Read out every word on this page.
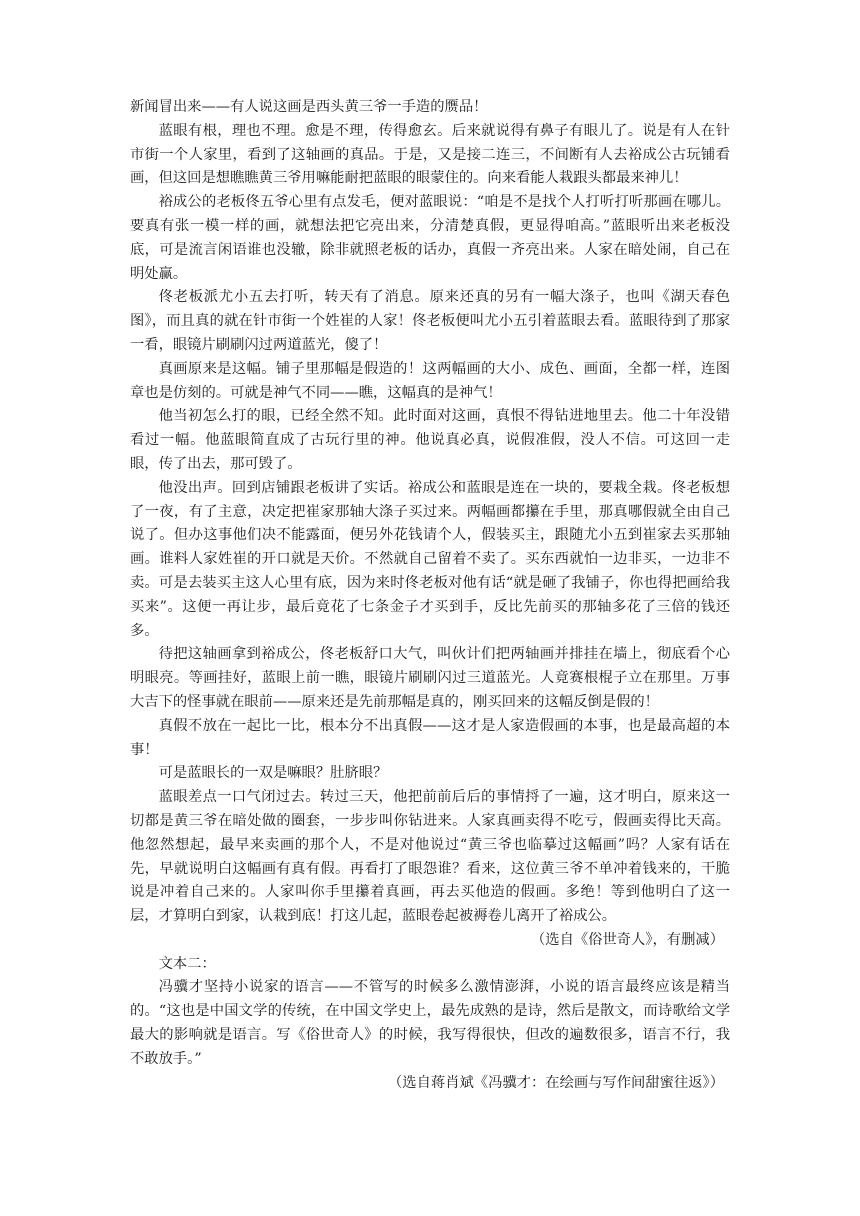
新闻冒出来——有人说这画是西头黄三爷一手造的赝品！

蓝眼有根，理也不理。愈是不理，传得愈玄。后来就说得有鼻子有眼儿了。说是有人在针市街一个人家里，看到了这轴画的真品。于是，又是接二连三，不间断有人去裕成公古玩铺看画，但这回是想瞧瞧黄三爷用嘛能耐把蓝眼的眼蒙住的。向来看能人栽跟头都最来神儿！

裕成公的老板佟五爷心里有点发毛，便对蓝眼说：“咱是不是找个人打听打听那画在哪儿。要真有张一模一样的画，就想法把它亮出来，分清楚真假，更显得咱高。”蓝眼听出来老板没底，可是流言闲语谁也没辙，除非就照老板的话办，真假一齐亮出来。人家在暗处闹，自己在明处赢。

佟老板派尤小五去打听，转天有了消息。原来还真的另有一幅大涤子，也叫《湖天春色图》，而且真的就在针市街一个姓崔的人家！佟老板便叫尤小五引着蓝眼去看。蓝眼待到了那家一看，眼镜片刷刷闪过两道蓝光，傻了！

真画原来是这幅。铺子里那幅是假造的！这两幅画的大小、成色、画面，全都一样，连图章也是仿刻的。可就是神气不同——瞧，这幅真的是神气！

他当初怎么打的眼，已经全然不知。此时面对这画，真恨不得钻进地里去。他二十年没错看过一幅。他蓝眼简直成了古玩行里的神。他说真必真，说假准假，没人不信。可这回一走眼，传了出去，那可毁了。

他没出声。回到店铺跟老板讲了实话。裕成公和蓝眼是连在一块的，要栽全栽。佟老板想了一夜，有了主意，决定把崔家那轴大涤子买过来。两幅画都攥在手里，那真哪假就全由自己说了。但办这事他们决不能露面，便另外花钱请个人，假装买主，跟随尤小五到崔家去买那轴画。谁料人家姓崔的开口就是天价。不然就自己留着不卖了。买东西就怕一边非买，一边非不卖。可是去装买主这人心里有底，因为来时佟老板对他有话“就是砸了我铺子，你也得把画给我买来”。这便一再让步，最后竟花了七条金子才买到手，反比先前买的那轴多花了三倍的钱还多。

待把这轴画拿到裕成公，佟老板舒口大气，叫伙计们把两轴画并排挂在墙上，彻底看个心明眼亮。等画挂好，蓝眼上前一瞧，眼镜片刷刷闪过三道蓝光。人竟赛根棍子立在那里。万事大吉下的怪事就在眼前——原来还是先前那幅是真的，刚买回来的这幅反倒是假的！

真假不放在一起比一比，根本分不出真假——这才是人家造假画的本事，也是最高超的本事！

可是蓝眼长的一双是嘛眼？肚脐眼？

蓝眼差点一口气闭过去。转过三天，他把前前后后的事情捋了一遍，这才明白，原来这一切都是黄三爷在暗处做的圈套，一步步叫你钻进来。人家真画卖得不吃亏，假画卖得比天高。他忽然想起，最早来卖画的那个人，不是对他说过“黄三爷也临摹过这幅画”吗？人家有话在先，早就说明白这幅画有真有假。再看打了眼怨谁？看来，这位黄三爷不单冲着钱来的，干脆说是冲着自己来的。人家叫你手里攥着真画，再去买他造的假画。多绝！等到他明白了这一层，才算明白到家，认栽到底！打这儿起，蓝眼卷起被褥卷儿离开了裕成公。

（选自《俗世奇人》，有删减）

文本二：

冯骥才坚持小说家的语言——不管写的时候多么激情澎湃，小说的语言最终应该是精当的。“这也是中国文学的传统，在中国文学史上，最先成熟的是诗，然后是散文，而诗歌给文学最大的影响就是语言。写《俗世奇人》的时候，我写得很快，但改的遍数很多，语言不行，我不敢放手。”

（选自蒋肖斌《冯骥才：在绘画与写作间甜蜜往返》）
